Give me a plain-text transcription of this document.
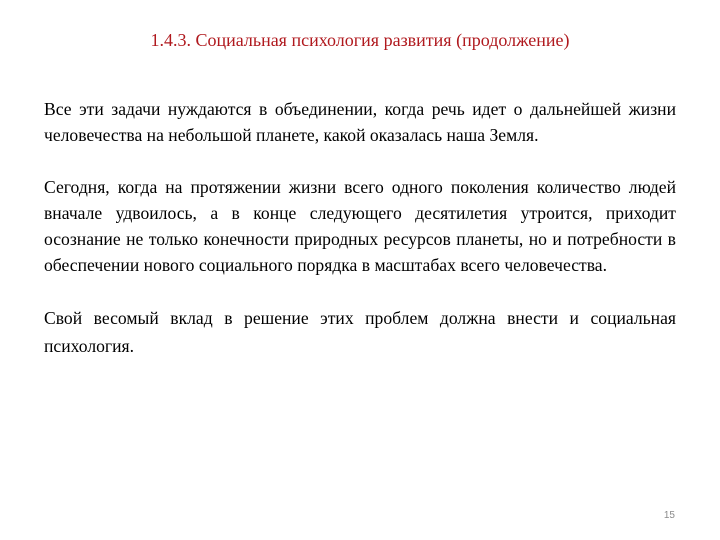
1.4.3. Социальная психология развития (продолжение)

Все эти задачи нуждаются в объединении, когда речь идет о дальнейшей жизни человечества на небольшой планете, какой оказалась наша Земля.

Сегодня, когда на протяжении жизни всего одного поколения количество людей вначале удвоилось, а в конце следующего десятилетия утроится, приходит осознание не только конечности природных ресурсов планеты, но и потребности в обеспечении нового социального порядка в масштабах всего человечества.

Свой весомый вклад в решение этих проблем должна внести и социальная психология.

15
